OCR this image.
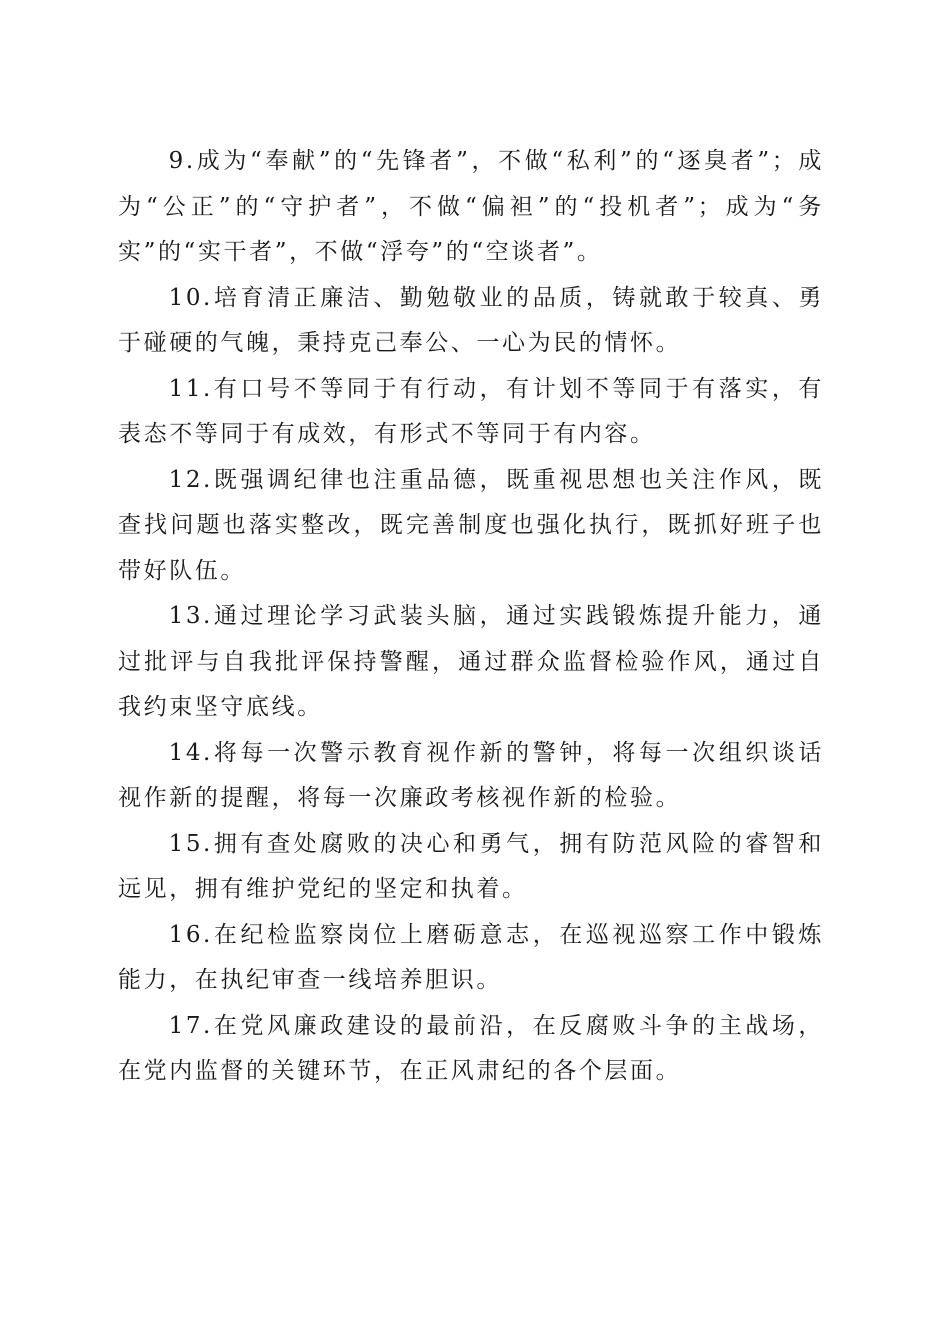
9.成为“奉献”的“先锋者”，不做“私利”的“逐臭者”；成为“公正”的“守护者”，不做“偏袒”的“投机者”；成为“务实”的“实干者”，不做“浮夸”的“空谈者”。

10.培育清正廉洁、勤勉敬业的品质，铸就敢于较真、勇于碰硬的气魄，秉持克己奉公、一心为民的情怀。

11.有口号不等同于有行动，有计划不等同于有落实，有表态不等同于有成效，有形式不等同于有内容。

12.既强调纪律也注重品德，既重视思想也关注作风，既查找问题也落实整改，既完善制度也强化执行，既抓好班子也带好队伍。

13.通过理论学习武装头脑，通过实践锻炼提升能力，通过批评与自我批评保持警醒，通过群众监督检验作风，通过自我约束坚守底线。

14.将每一次警示教育视作新的警钟，将每一次组织谈话视作新的提醒，将每一次廉政考核视作新的检验。

15.拥有查处腐败的决心和勇气，拥有防范风险的睿智和远见，拥有维护党纪的坚定和执着。

16.在纪检监察岗位上磨砺意志，在巡视巡察工作中锻炼能力，在执纪审查一线培养胆识。

17.在党风廉政建设的最前沿，在反腐败斗争的主战场，在党内监督的关键环节，在正风肃纪的各个层面。
